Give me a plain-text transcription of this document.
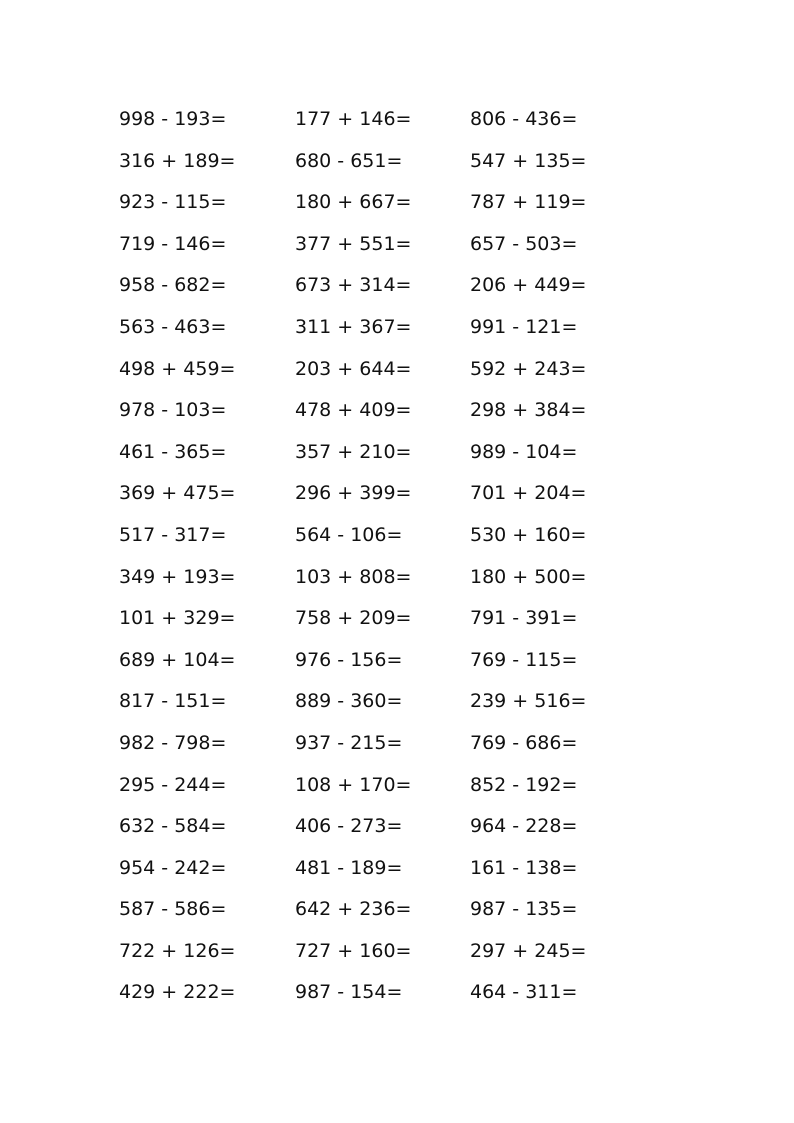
998 - 193=	177 + 146=	806 - 436=
316 + 189=	680 - 651=	547 + 135=
923 - 115=	180 + 667=	787 + 119=
719 - 146=	377 + 551=	657 - 503=
958 - 682=	673 + 314=	206 + 449=
563 - 463=	311 + 367=	991 - 121=
498 + 459=	203 + 644=	592 + 243=
978 - 103=	478 + 409=	298 + 384=
461 - 365=	357 + 210=	989 - 104=
369 + 475=	296 + 399=	701 + 204=
517 - 317=	564 - 106=	530 + 160=
349 + 193=	103 + 808=	180 + 500=
101 + 329=	758 + 209=	791 - 391=
689 + 104=	976 - 156=	769 - 115=
817 - 151=	889 - 360=	239 + 516=
982 - 798=	937 - 215=	769 - 686=
295 - 244=	108 + 170=	852 - 192=
632 - 584=	406 - 273=	964 - 228=
954 - 242=	481 - 189=	161 - 138=
587 - 586=	642 + 236=	987 - 135=
722 + 126=	727 + 160=	297 + 245=
429 + 222=	987 - 154=	464 - 311=
